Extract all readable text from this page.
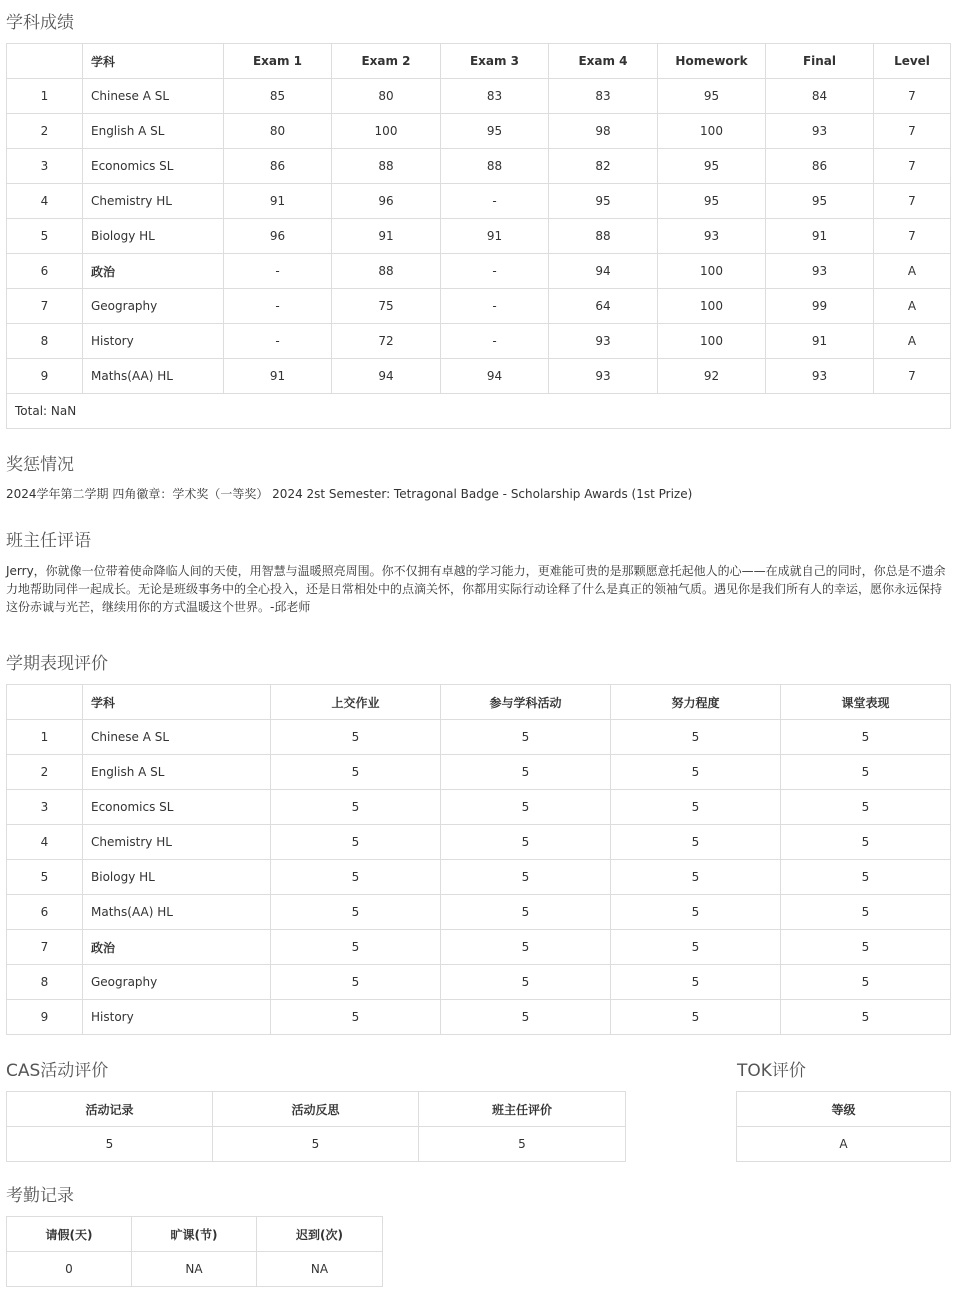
学科成绩
	学科	Exam 1	Exam 2	Exam 3	Exam 4	Homework	Final	Level
1	Chinese A SL	85	80	83	83	95	84	7
2	English A SL	80	100	95	98	100	93	7
3	Economics SL	86	88	88	82	95	86	7
4	Chemistry HL	91	96	-	95	95	95	7
5	Biology HL	96	91	91	88	93	91	7
6	政治	-	88	-	94	100	93	A
7	Geography	-	75	-	64	100	99	A
8	History	-	72	-	93	100	91	A
9	Maths(AA) HL	91	94	94	93	92	93	7
Total: NaN								
奖惩情况

2024学年第二学期 四角徽章：学术奖（一等奖） 2024 2st Semester: Tetragonal Badge - Scholarship Awards (1st Prize)

班主任评语

Jerry，你就像一位带着使命降临人间的天使，用智慧与温暖照亮周围。你不仅拥有卓越的学习能力，更难能可贵的是那颗愿意托起他人的心——在成就自己的同时，你总是不遗余力地帮助同伴一起成长。无论是班级事务中的全心投入，还是日常相处中的点滴关怀，你都用实际行动诠释了什么是真正的领袖气质。遇见你是我们所有人的幸运，愿你永远保持这份赤诚与光芒，继续用你的方式温暖这个世界。-邱老师

学期表现评价
	学科	上交作业	参与学科活动	努力程度	课堂表现
1	Chinese A SL	5	5	5	5
2	English A SL	5	5	5	5
3	Economics SL	5	5	5	5
4	Chemistry HL	5	5	5	5
5	Biology HL	5	5	5	5
6	Maths(AA) HL	5	5	5	5
7	政治	5	5	5	5
8	Geography	5	5	5	5
9	History	5	5	5	5
CAS活动评价
活动记录	活动反思	班主任评价
5	5	5
TOK评价
等级
A
考勤记录
请假(天)	旷课(节)	迟到(次)
0	NA	NA
